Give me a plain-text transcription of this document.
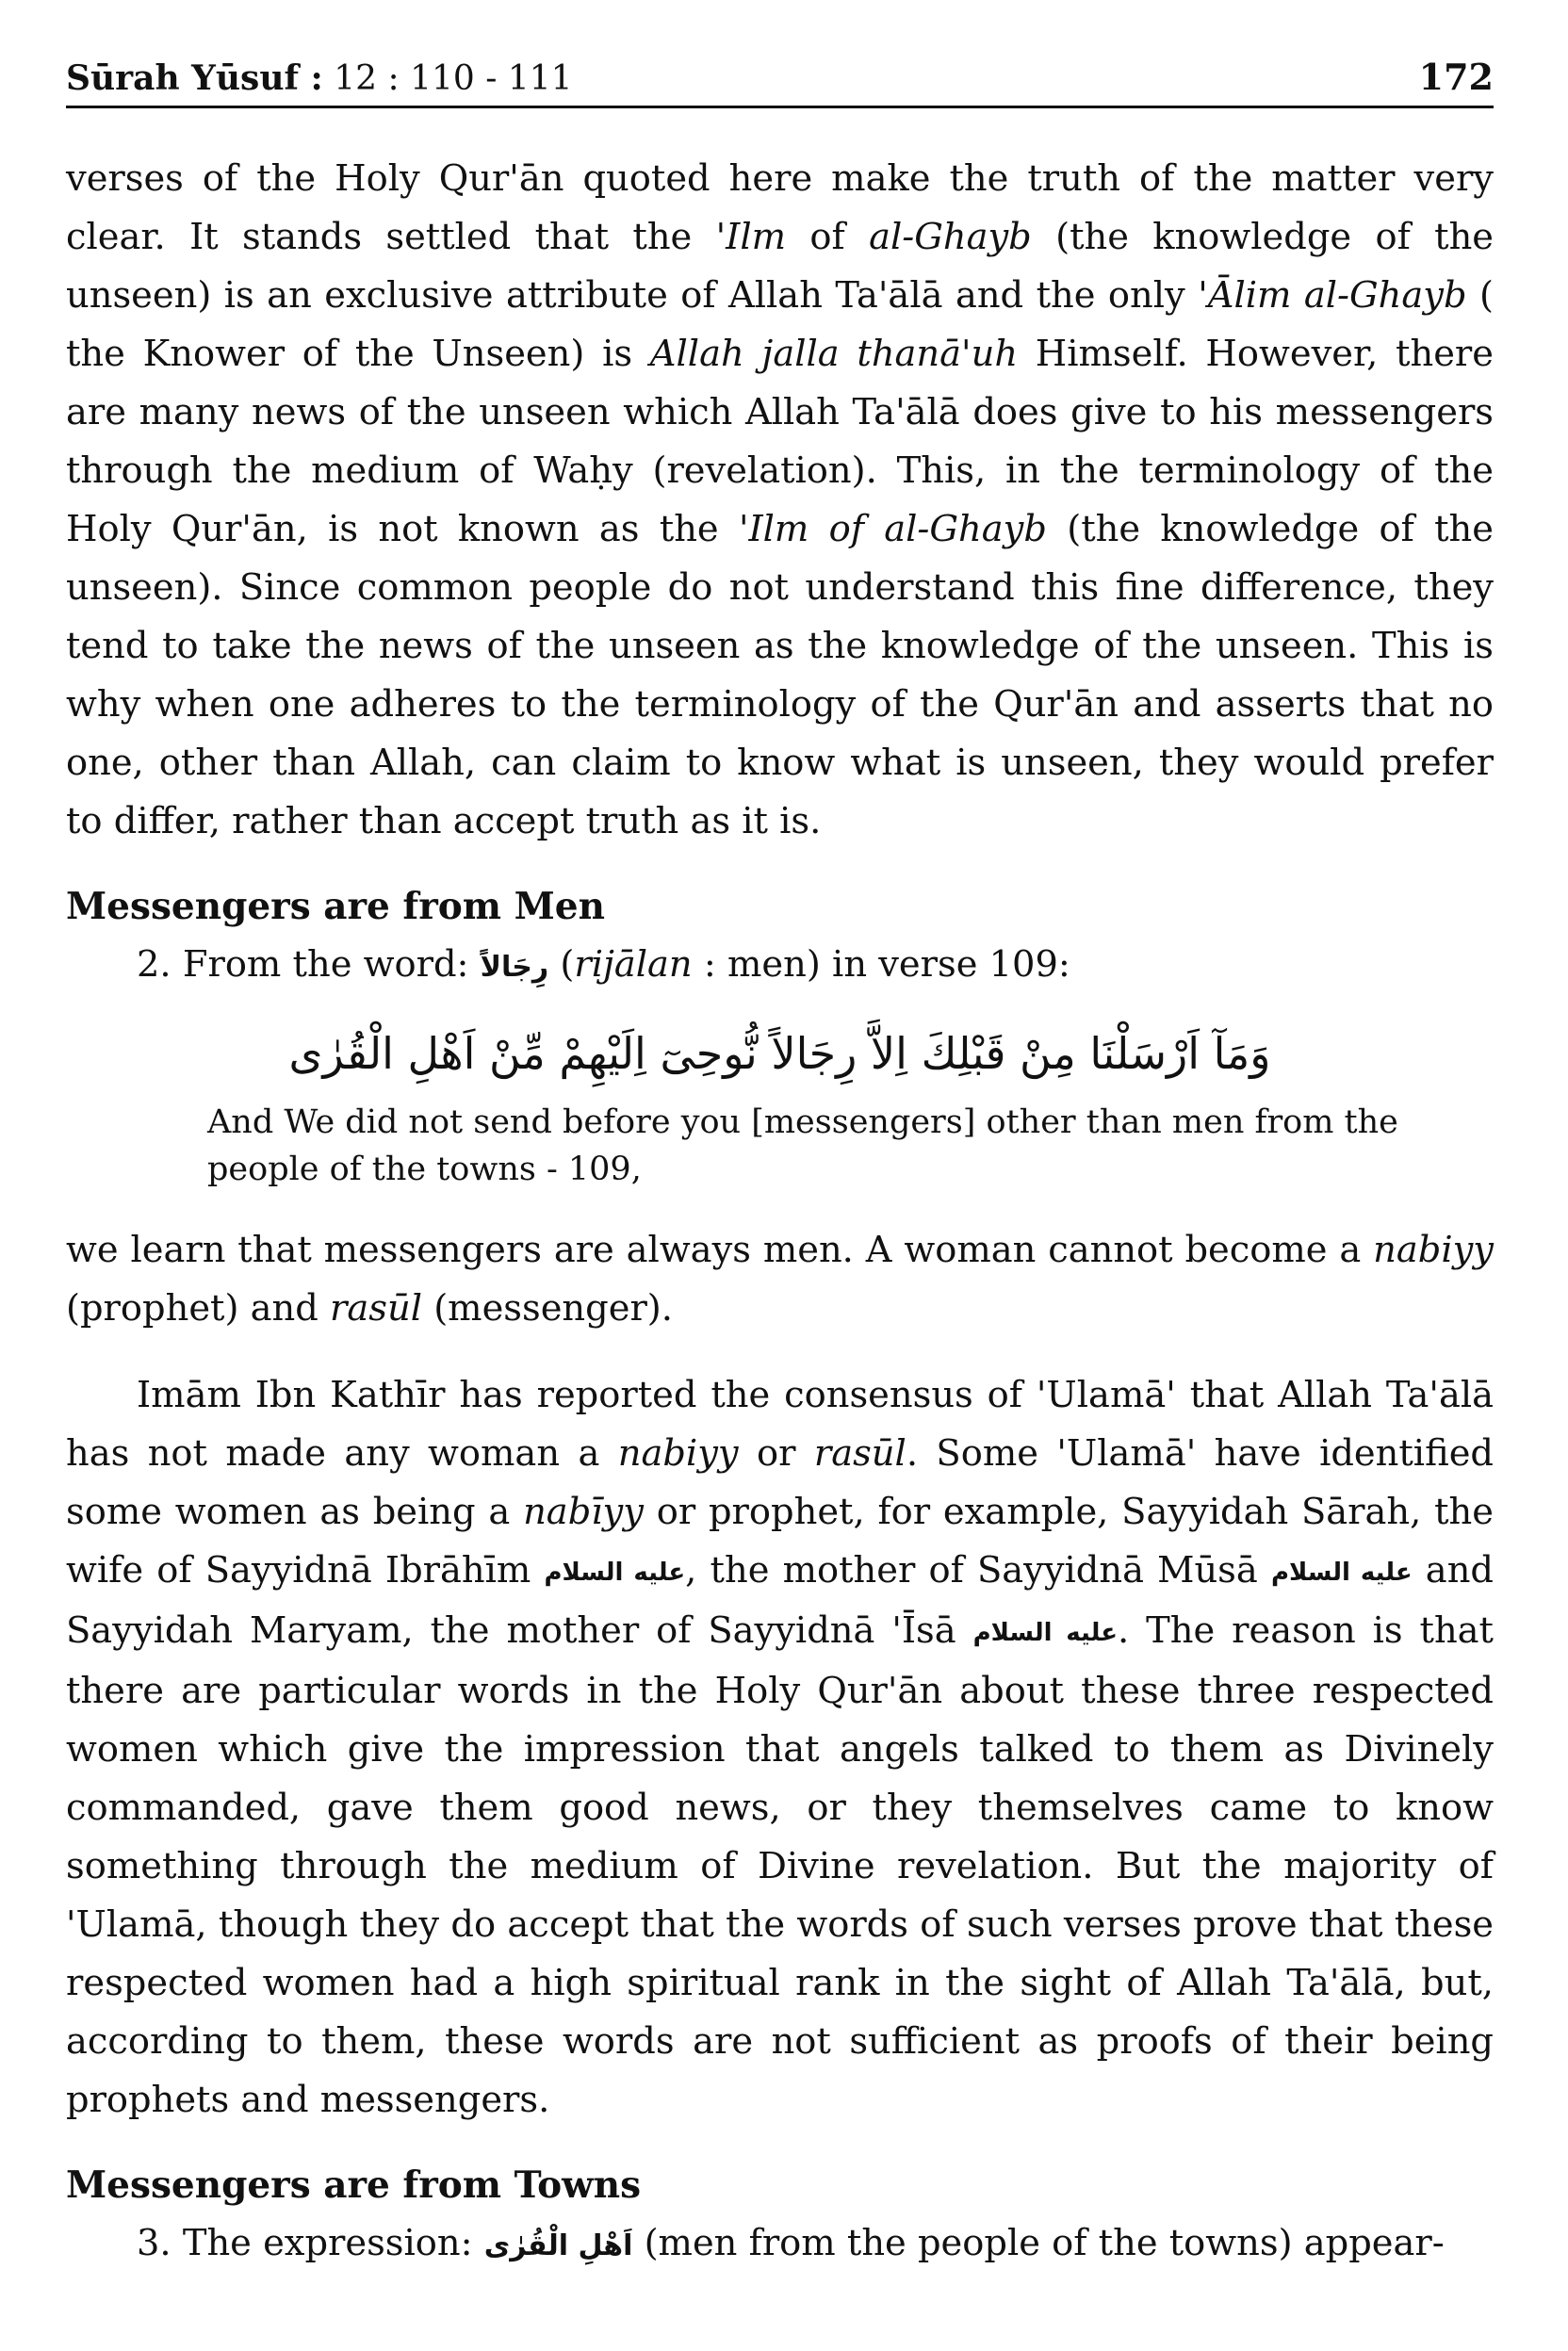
Sūrah Yūsuf : 12 : 110 - 111	172

verses of the Holy Qur'ān quoted here make the truth of the matter very clear. It stands settled that the 'Ilm of al-Ghayb (the knowledge of the unseen) is an exclusive attribute of Allah Ta'ālā and the only 'Ālim al-Ghayb ( the Knower of the Unseen) is Allah jalla thanā'uh Himself. However, there are many news of the unseen which Allah Ta'ālā does give to his messengers through the medium of Waḥy (revelation). This, in the terminology of the Holy Qur'ān, is not known as the 'Ilm of al-Ghayb (the knowledge of the unseen). Since common people do not understand this fine difference, they tend to take the news of the unseen as the knowledge of the unseen. This is why when one adheres to the terminology of the Qur'ān and asserts that no one, other than Allah, can claim to know what is unseen, they would prefer to differ, rather than accept truth as it is.

Messengers are from Men

2. From the word: رِجَالاً (rijālan : men) in verse 109:

وَمَآ اَرْسَلْنَا مِنْ قَبْلِكَ اِلاَّ رِجَالاً نُّوحِیٓ اِلَيْهِمْ مِّنْ اَهْلِ الْقُرٰی
And We did not send before you [messengers] other than men from the people of the towns - 109,

we learn that messengers are always men. A woman cannot become a nabiyy (prophet) and rasūl (messenger).

Imām Ibn Kathīr has reported the consensus of 'Ulamā' that Allah Ta'ālā has not made any woman a nabiyy or rasūl. Some 'Ulamā' have identified some women as being a nabīyy or prophet, for example, Sayyidah Sārah, the wife of Sayyidnā Ibrāhīm عليه السلام, the mother of Sayyidnā Mūsā عليه السلام and Sayyidah Maryam, the mother of Sayyidnā 'Īsā عليه السلام. The reason is that there are particular words in the Holy Qur'ān about these three respected women which give the impression that angels talked to them as Divinely commanded, gave them good news, or they themselves came to know something through the medium of Divine revelation. But the majority of 'Ulamā, though they do accept that the words of such verses prove that these respected women had a high spiritual rank in the sight of Allah Ta'ālā, but, according to them, these words are not sufficient as proofs of their being prophets and messengers.

Messengers are from Towns

3. The expression: اَهْلِ الْقُرٰی (men from the people of the towns) appear-
